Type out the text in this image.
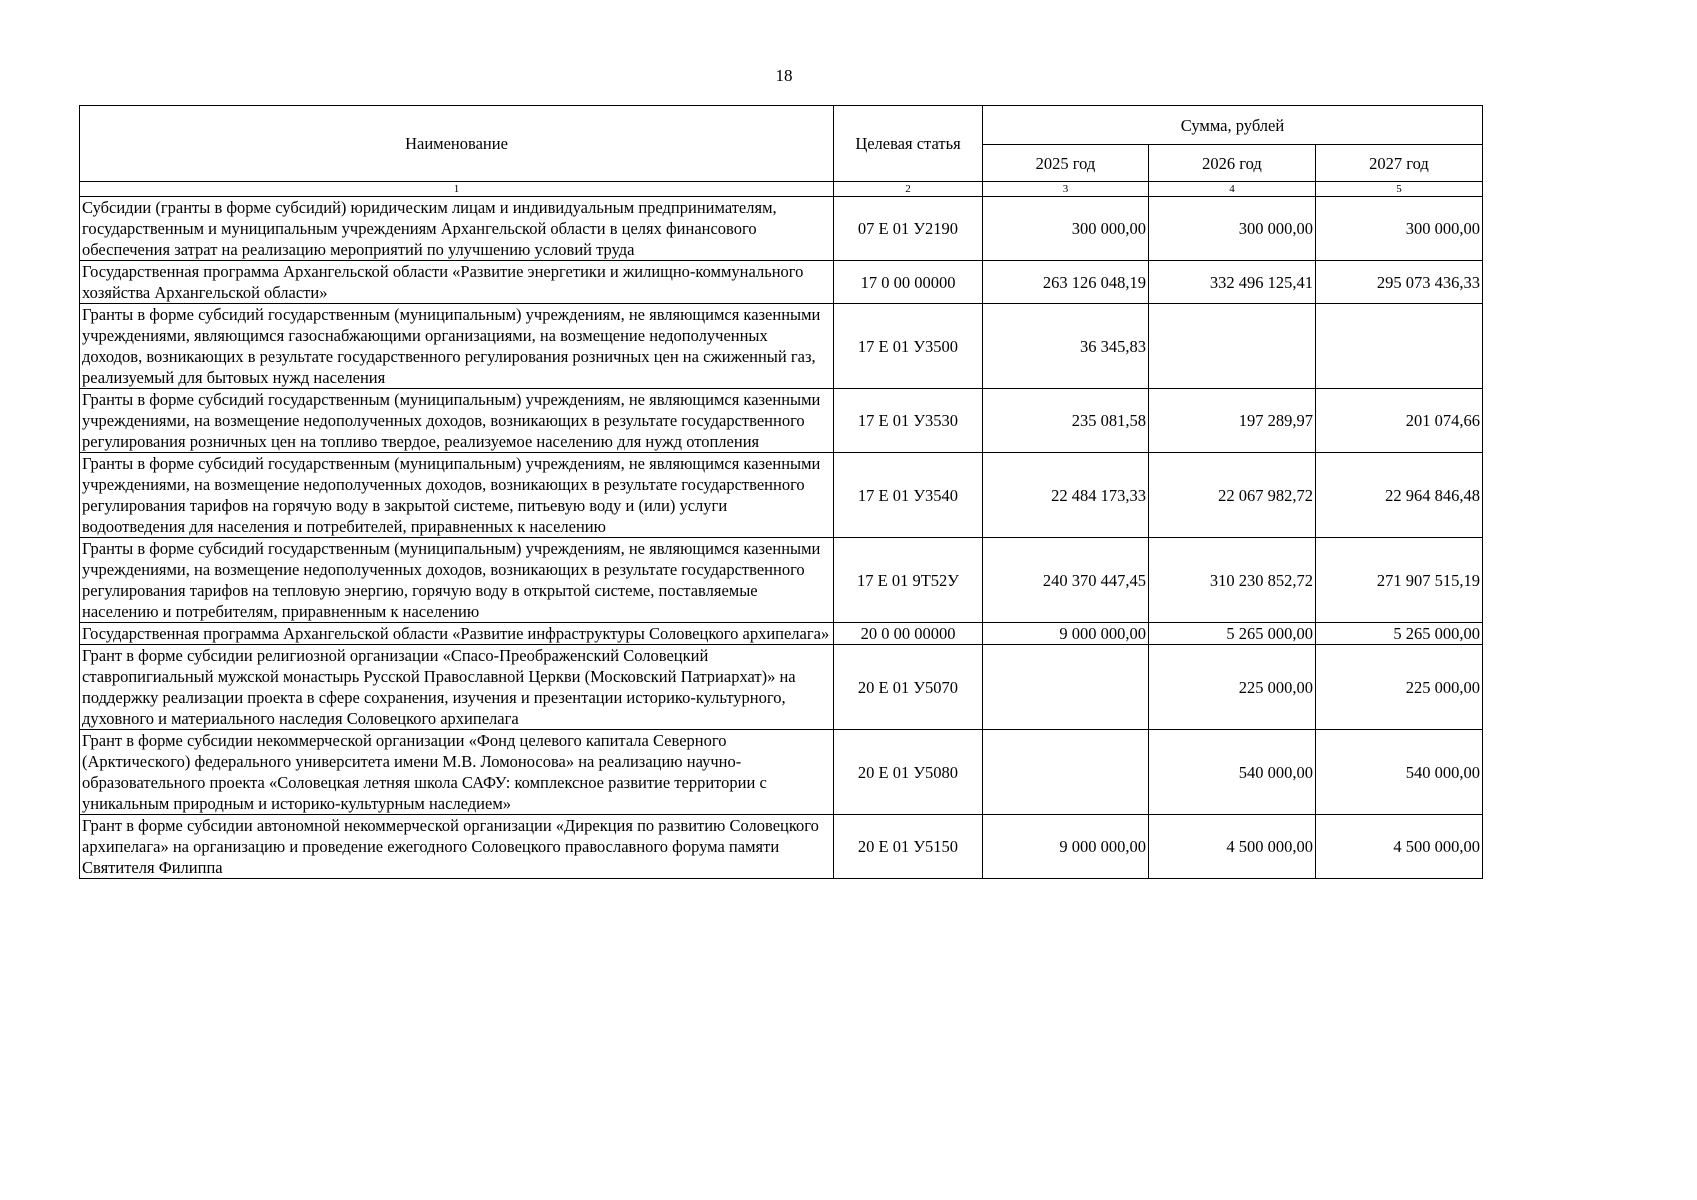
18
Наименование	Целевая статья	Сумма, рублей		
		2025 год	2026 год	2027 год
1	2	3	4	5
Субсидии (гранты в форме субсидий) юридическим лицам и индивидуальным предпринимателям, государственным и муниципальным учреждениям Архангельской области в целях финансового обеспечения затрат на реализацию мероприятий по улучшению условий труда	07 Е 01 У2190	300 000,00	300 000,00	300 000,00
Государственная программа Архангельской области «Развитие энергетики и жилищно-коммунального хозяйства Архангельской области»	17 0 00 00000	263 126 048,19	332 496 125,41	295 073 436,33
Гранты в форме субсидий государственным (муниципальным) учреждениям, не являющимся казенными учреждениями, являющимся газоснабжающими организациями, на возмещение недополученных доходов, возникающих в результате государственного регулирования розничных цен на сжиженный газ, реализуемый для бытовых нужд населения	17 Е 01 У3500	36 345,83		
Гранты в форме субсидий государственным (муниципальным) учреждениям, не являющимся казенными учреждениями, на возмещение недополученных доходов, возникающих в результате государственного регулирования розничных цен на топливо твердое, реализуемое населению для нужд отопления	17 Е 01 У3530	235 081,58	197 289,97	201 074,66
Гранты в форме субсидий государственным (муниципальным) учреждениям, не являющимся казенными учреждениями, на возмещение недополученных доходов, возникающих в результате государственного регулирования тарифов на горячую воду в закрытой системе, питьевую воду и (или) услуги водоотведения для населения и потребителей, приравненных к населению	17 Е 01 У3540	22 484 173,33	22 067 982,72	22 964 846,48
Гранты в форме субсидий государственным (муниципальным) учреждениям, не являющимся казенными учреждениями, на возмещение недополученных доходов, возникающих в результате государственного регулирования тарифов на тепловую энергию, горячую воду в открытой системе, поставляемые населению и потребителям, приравненным к населению	17 Е 01 9Т52У	240 370 447,45	310 230 852,72	271 907 515,19
Государственная программа Архангельской области «Развитие инфраструктуры Соловецкого архипелага»	20 0 00 00000	9 000 000,00	5 265 000,00	5 265 000,00
Грант в форме субсидии религиозной организации «Спасо-Преображенский Соловецкий ставропигиальный мужской монастырь Русской Православной Церкви (Московский Патриархат)» на поддержку реализации проекта в сфере сохранения, изучения и презентации историко-культурного, духовного и материального наследия Соловецкого архипелага	20 Е 01 У5070		225 000,00	225 000,00
Грант в форме субсидии некоммерческой организации «Фонд целевого капитала Северного (Арктического) федерального университета имени М.В. Ломоносова» на реализацию научно-образовательного проекта «Соловецкая летняя школа САФУ: комплексное развитие территории с уникальным природным и историко-культурным наследием»	20 Е 01 У5080		540 000,00	540 000,00
Грант в форме субсидии автономной некоммерческой организации «Дирекция по развитию Соловецкого архипелага» на организацию и проведение ежегодного Соловецкого православного форума памяти Святителя Филиппа	20 Е 01 У5150	9 000 000,00	4 500 000,00	4 500 000,00
